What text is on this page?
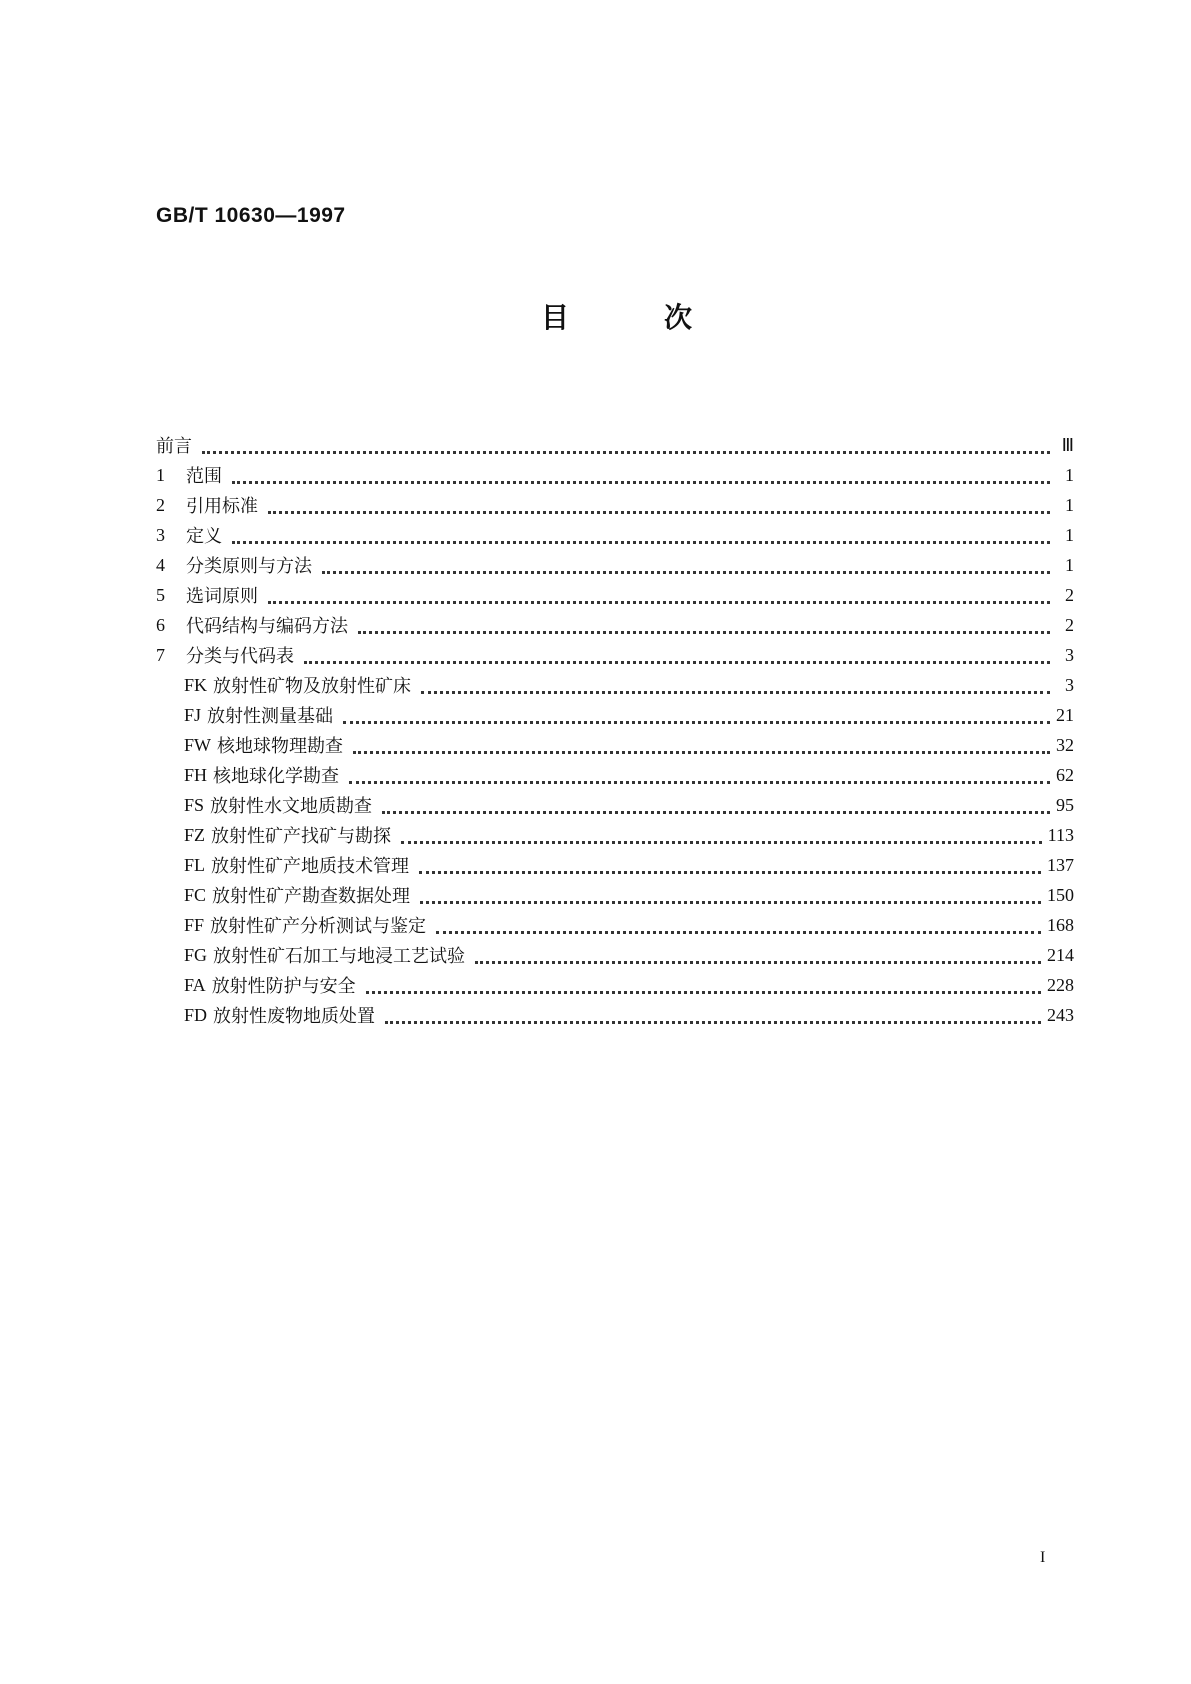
GB/T 10630—1997
目	次
前言	Ⅲ
1	范围	1
2	引用标准	1
3	定义	1
4	分类原则与方法	1
5	选词原则	2
6	代码结构与编码方法	2
7	分类与代码表	3
FK 放射性矿物及放射性矿床	3
FJ 放射性测量基础	21
FW 核地球物理勘查	32
FH 核地球化学勘查	62
FS 放射性水文地质勘查	95
FZ 放射性矿产找矿与勘探	113
FL 放射性矿产地质技术管理	137
FC 放射性矿产勘查数据处理	150
FF 放射性矿产分析测试与鉴定	168
FG 放射性矿石加工与地浸工艺试验	214
FA 放射性防护与安全	228
FD 放射性废物地质处置	243
I
